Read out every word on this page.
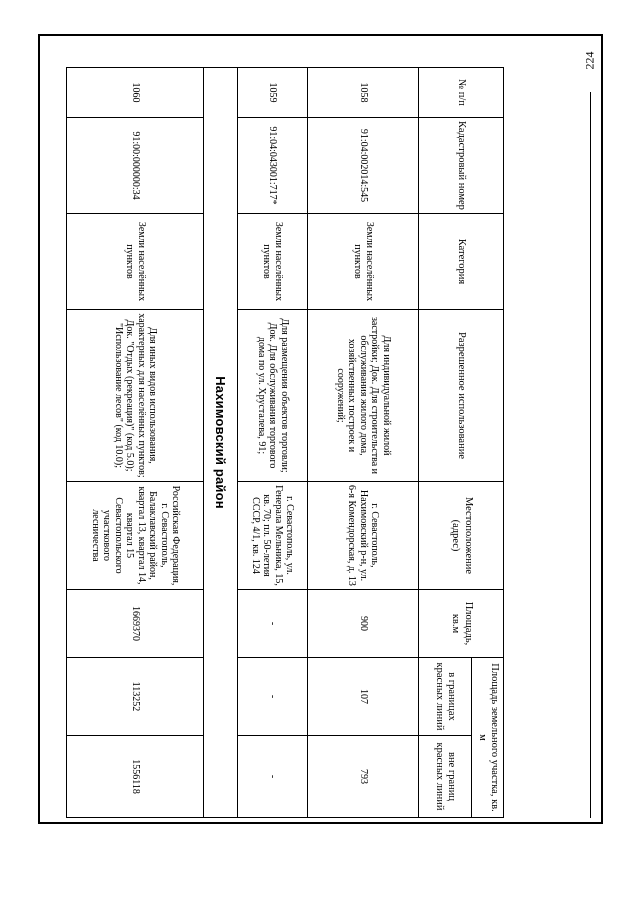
224
№ п/п	Кадастровый номер	Категория	Разрешенное использование	Местоположение (адрес)	Площадь, кв.м	Площадь земельного участка, кв. м	
						в границах красных линий	вне границ красных линий
1058	91:04:002014:545	Земли населённых пунктов	Для индивидуальной жилой застройки; Док. Для строительства и обслуживания жилого дома, хозяйственных построек и сооружений;	г. Севастополь, Нахимовский р-н, ул. 6-я Комендорская, д. 13	900	107	793
1059	91:04:043001:717*	Земли населённых пунктов	Для размещения объектов торговли; Док. Для обслуживания торгового дома по ул. Хрусталева, 91;	г. Севастополь, ул. Генерала Мельника, 15, кв. 70; пл. 50-летия СССР, 4/1, кв. 124	-	-	-
Нахимовский район							
1060	91:00:000000:34	Земли населённых пунктов	Для иных видов использования, характерных для населённых пунктов; Док. "Отдых (рекреация)" (код 5.0); "Использование лесов" (код 10.0);	Российская Федерация, г. Севастополь, Балаклавский район, квартал 13, квартал 14, квартал 15 Севастопольского участкового лесничества	1669370	113252	1556118
